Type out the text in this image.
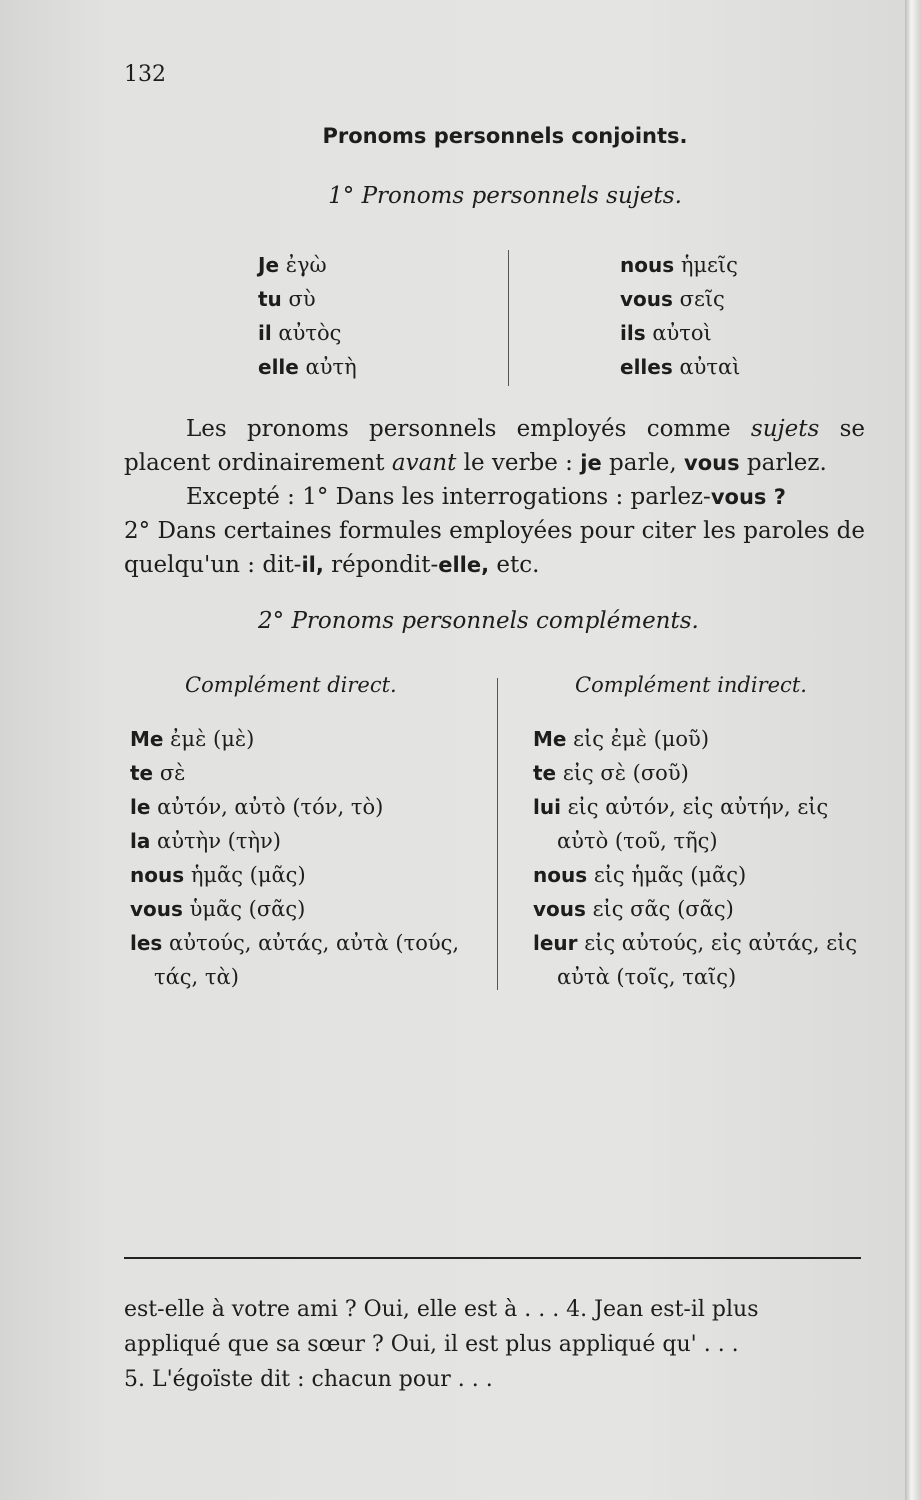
132
Pronoms personnels conjoints.
1° Pronoms personnels sujets.
Je ἐγὼ
tu σὺ
il αὐτὸς
elle αὐτὴ
nous ἡμεῖς
vous σεῖς
ils αὐτοὶ
elles αὐταὶ

Les pronoms personnels employés comme sujets se placent ordinairement avant le verbe : je parle, vous parlez.

Excepté : 1° Dans les interrogations : parlez-vous ?

2° Dans certaines formules employées pour citer les paroles de quelqu'un : dit-il, répondit-elle, etc.

2° Pronoms personnels compléments.
Complément direct.	Complément indirect.
Me ἐμὲ (μὲ)
te σὲ
le αὐτόν, αὐτὸ (τόν, τὸ)
la αὐτὴν (τὴν)
nous ἡμᾶς (μᾶς)
vous ὑμᾶς (σᾶς)
les αὐτούς, αὐτάς, αὐτὰ (τούς,
τάς, τὰ)
Me εἰς ἐμὲ (μοῦ)
te εἰς σὲ (σοῦ)
lui εἰς αὐτόν, εἰς αὐτήν, εἰς
αὐτὸ (τοῦ, τῆς)
nous εἰς ἡμᾶς (μᾶς)
vous εἰς σᾶς (σᾶς)
leur εἰς αὐτούς, εἰς αὐτάς, εἰς
αὐτὰ (τοῖς, ταῖς)

est-elle à votre ami ? Oui, elle est à . . . 4. Jean est-il plus

appliqué que sa sœur ? Oui, il est plus appliqué qu' . . .

5. L'égoïste dit : chacun pour . . .
